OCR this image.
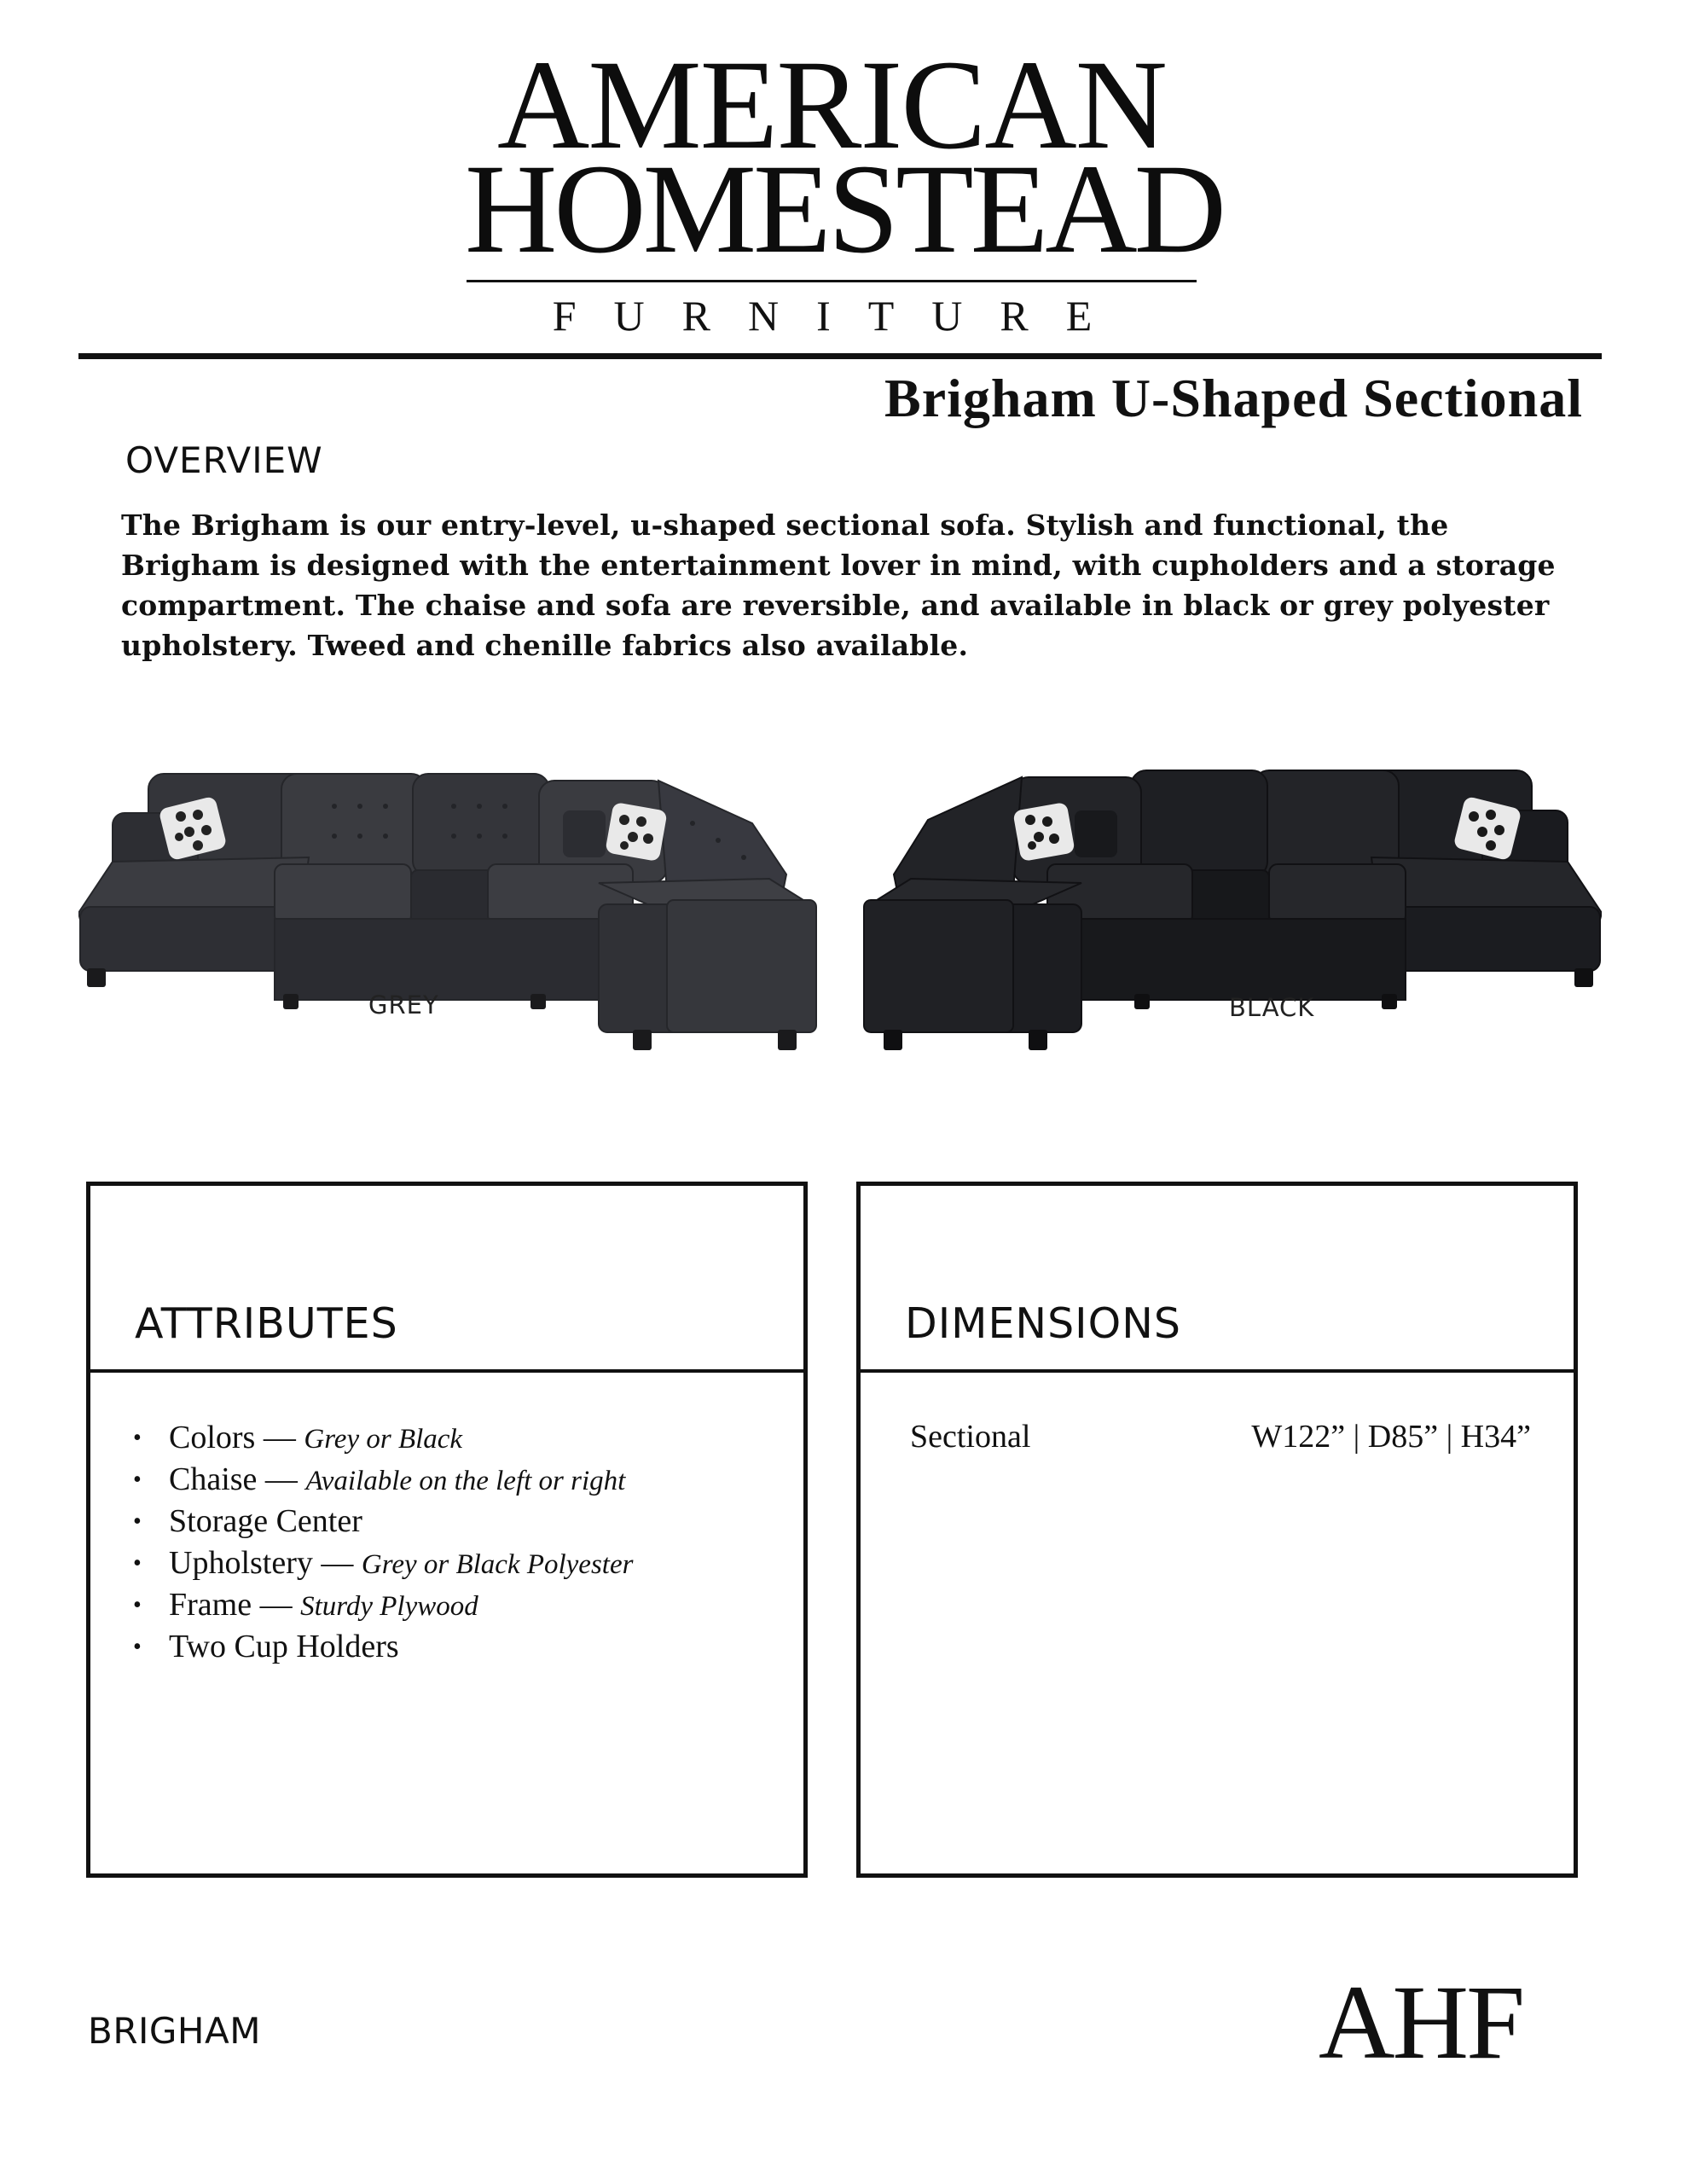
AMERICAN
HOMESTEAD
FURNITURE
Brigham U-Shaped Sectional
OVERVIEW
The Brigham is our entry-level, u-shaped sectional sofa. Stylish and functional, the Brigham is designed with the entertainment lover in mind, with cupholders and a storage compartment. The chaise and sofa are reversible, and available in black or grey polyester upholstery. Tweed and chenille fabrics also available.
GREY	BLACK
ATTRIBUTES
• Colors — Grey or Black
• Chaise — Available on the left or right
• Storage Center
• Upholstery — Grey or Black Polyester
• Frame — Sturdy Plywood
• Two Cup Holders
DIMENSIONS
Sectional	W122” | D85” | H34”
BRIGHAM	AHF
